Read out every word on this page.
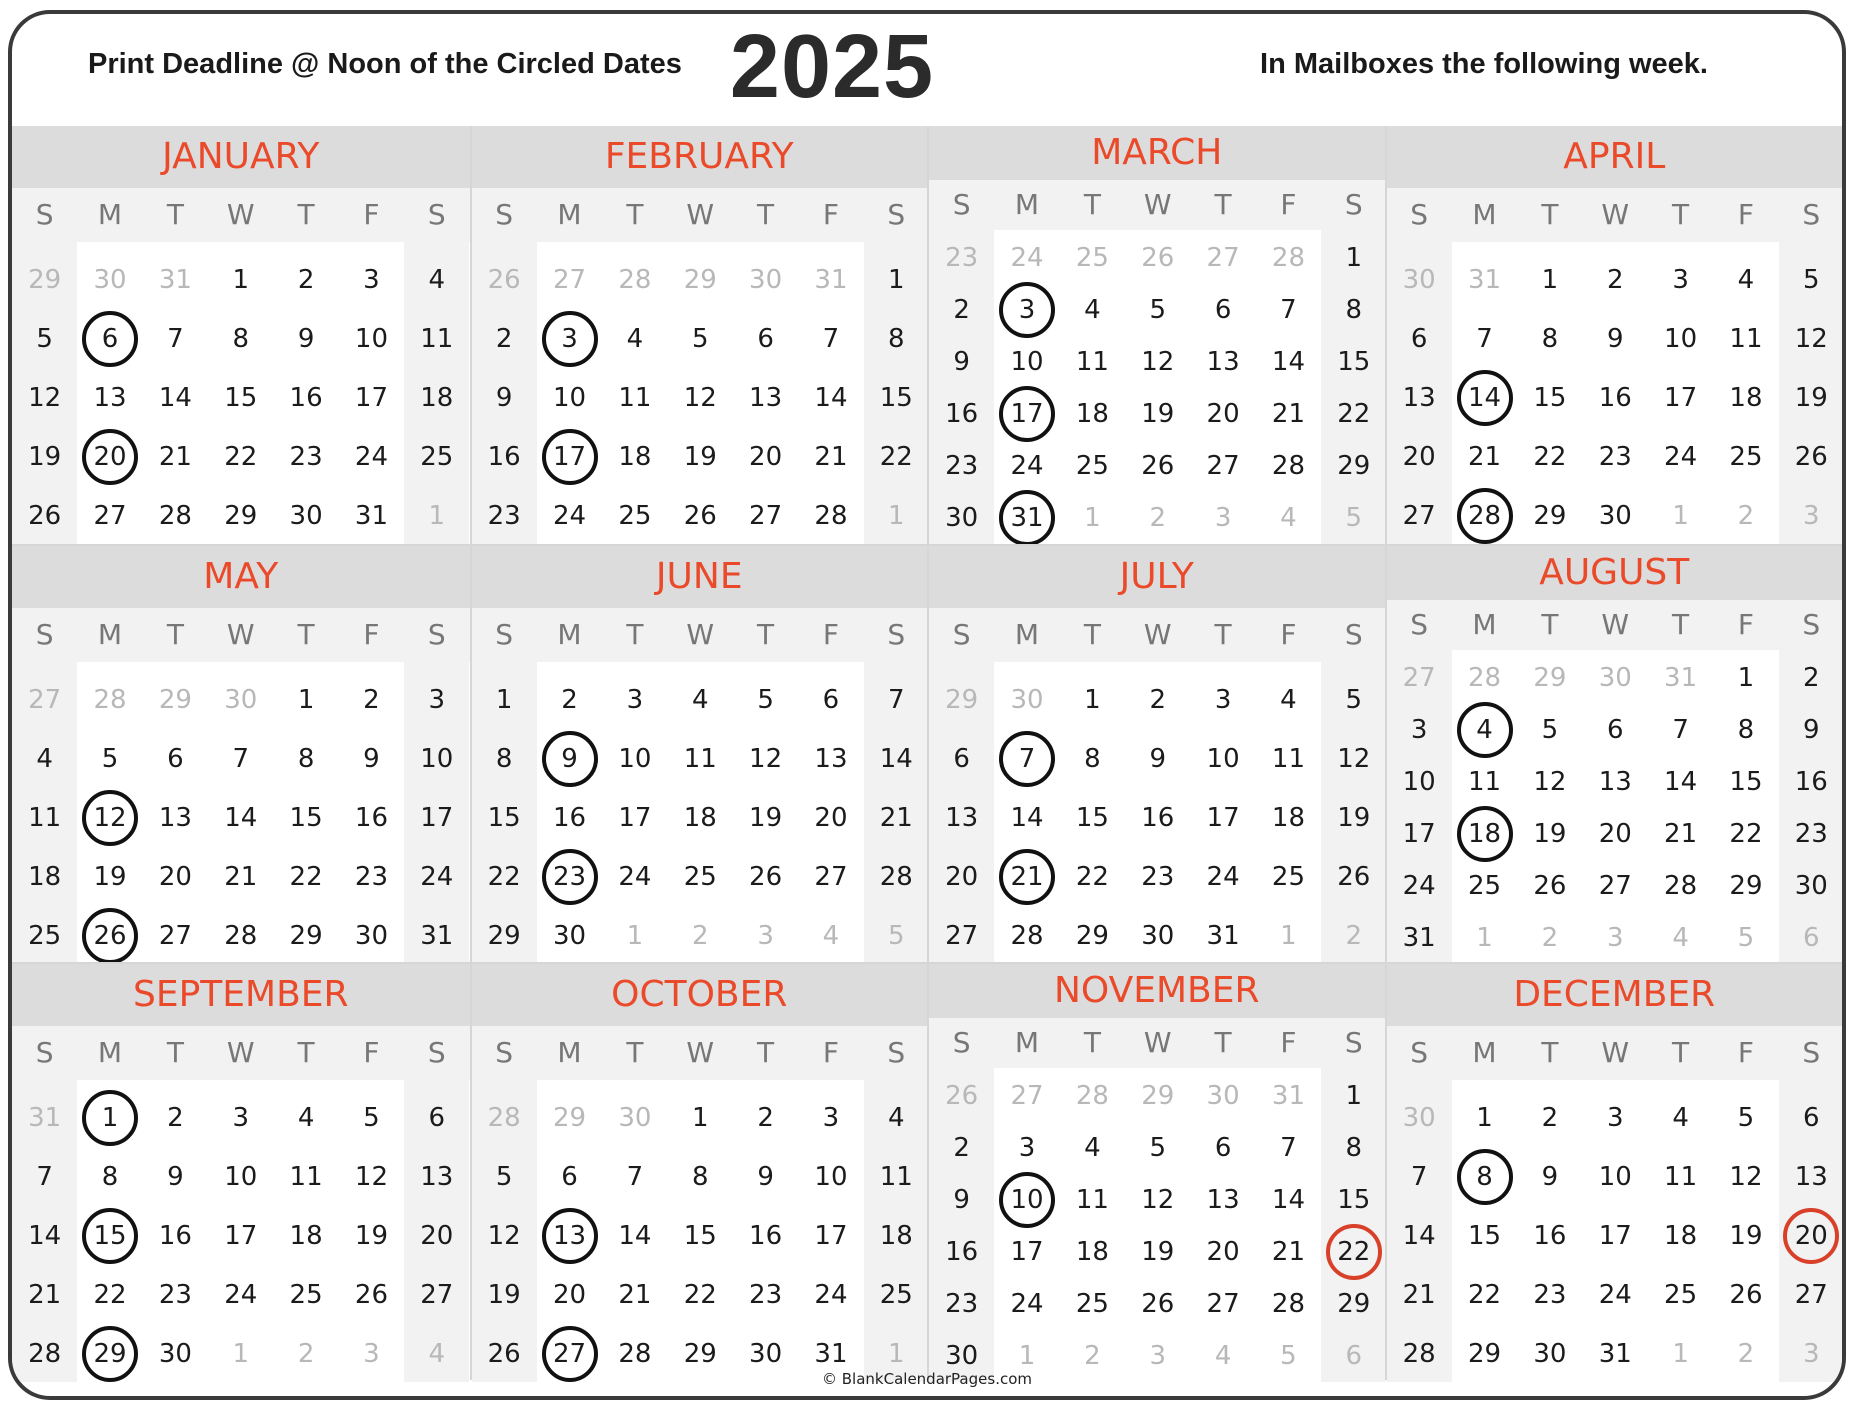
Print Deadline @ Noon of the Circled Dates 2025	In Mailboxes the following week.
JANUARY
S	M	T	W	T	F	S
29	30	31	1	2	3	4
5	6	7	8	9	10	11
12	13	14	15	16	17	18
19	20	21	22	23	24	25
26	27	28	29	30	31	1
FEBRUARY
S	M	T	W	T	F	S
26	27	28	29	30	31	1
2	3	4	5	6	7	8
9	10	11	12	13	14	15
16	17	18	19	20	21	22
23	24	25	26	27	28	1
MARCH
S	M	T	W	T	F	S
23	24	25	26	27	28	1
2	3	4	5	6	7	8
9	10	11	12	13	14	15
16	17	18	19	20	21	22
23	24	25	26	27	28	29
30	31	1	2	3	4	5
APRIL
S	M	T	W	T	F	S
30	31	1	2	3	4	5
6	7	8	9	10	11	12
13	14	15	16	17	18	19
20	21	22	23	24	25	26
27	28	29	30	1	2	3
MAY
S	M	T	W	T	F	S
27	28	29	30	1	2	3
4	5	6	7	8	9	10
11	12	13	14	15	16	17
18	19	20	21	22	23	24
25	26	27	28	29	30	31
JUNE
S	M	T	W	T	F	S
1	2	3	4	5	6	7
8	9	10	11	12	13	14
15	16	17	18	19	20	21
22	23	24	25	26	27	28
29	30	1	2	3	4	5
JULY
S	M	T	W	T	F	S
29	30	1	2	3	4	5
6	7	8	9	10	11	12
13	14	15	16	17	18	19
20	21	22	23	24	25	26
27	28	29	30	31	1	2
AUGUST
S	M	T	W	T	F	S
27	28	29	30	31	1	2
3	4	5	6	7	8	9
10	11	12	13	14	15	16
17	18	19	20	21	22	23
24	25	26	27	28	29	30
31	1	2	3	4	5	6
SEPTEMBER
S	M	T	W	T	F	S
31	1	2	3	4	5	6
7	8	9	10	11	12	13
14	15	16	17	18	19	20
21	22	23	24	25	26	27
28	29	30	1	2	3	4
OCTOBER
S	M	T	W	T	F	S
28	29	30	1	2	3	4
5	6	7	8	9	10	11
12	13	14	15	16	17	18
19	20	21	22	23	24	25
26	27	28	29	30	31	1
NOVEMBER
S	M	T	W	T	F	S
26	27	28	29	30	31	1
2	3	4	5	6	7	8
9	10	11	12	13	14	15
16	17	18	19	20	21	22
23	24	25	26	27	28	29
30	1	2	3	4	5	6
DECEMBER
S	M	T	W	T	F	S
30	1	2	3	4	5	6
7	8	9	10	11	12	13
14	15	16	17	18	19	20
21	22	23	24	25	26	27
28	29	30	31	1	2	3
© BlankCalendarPages.com
